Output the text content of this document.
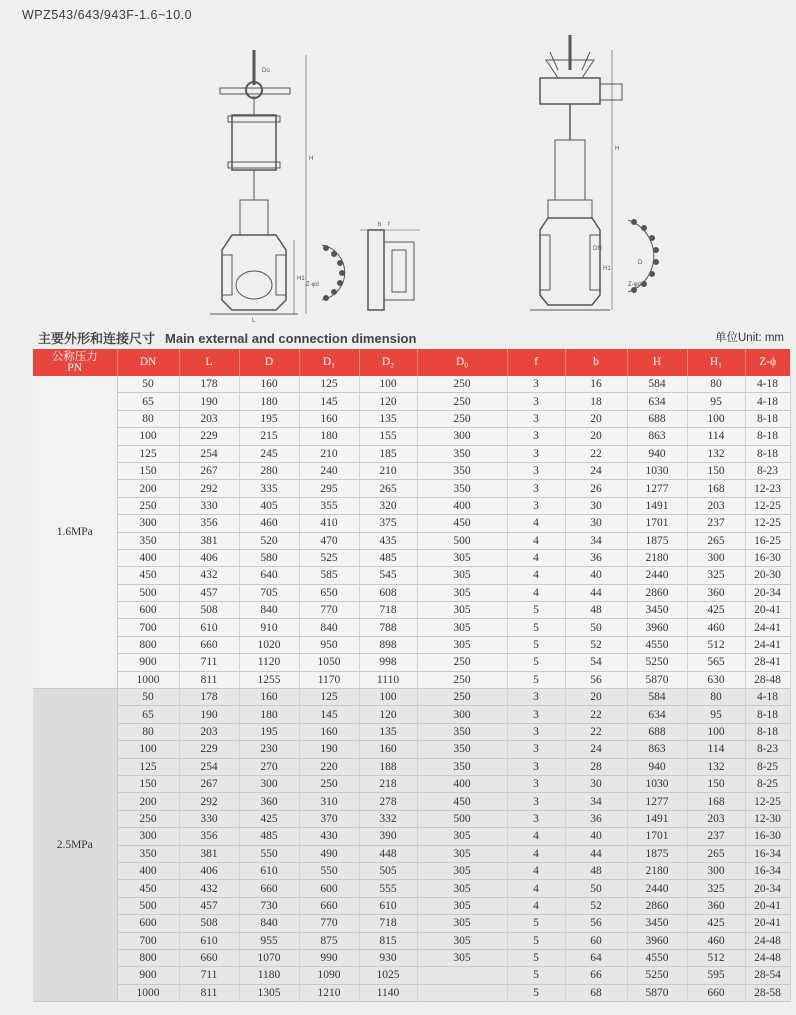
WPZ543/643/943F-1.6~10.0
Do
H
H1
L
Z-φd
b f
H
H1
DN
Z-φd
D
主要外形和连接尺寸 Main external and connection dimension	单位Unit: mm
公称压力
PN	DN	L	D	D₁	D₂	D₀	f	b	H	H₁	Z-ϕ
1.6MPa	50	178	160	125	100	250	3	16	584	80	4-18
	65	190	180	145	120	250	3	18	634	95	4-18
	80	203	195	160	135	250	3	20	688	100	8-18
	100	229	215	180	155	300	3	20	863	114	8-18
	125	254	245	210	185	350	3	22	940	132	8-18
	150	267	280	240	210	350	3	24	1030	150	8-23
	200	292	335	295	265	350	3	26	1277	168	12-23
	250	330	405	355	320	400	3	30	1491	203	12-25
	300	356	460	410	375	450	4	30	1701	237	12-25
	350	381	520	470	435	500	4	34	1875	265	16-25
	400	406	580	525	485	305	4	36	2180	300	16-30
	450	432	640	585	545	305	4	40	2440	325	20-30
	500	457	705	650	608	305	4	44	2860	360	20-34
	600	508	840	770	718	305	5	48	3450	425	20-41
	700	610	910	840	788	305	5	50	3960	460	24-41
	800	660	1020	950	898	305	5	52	4550	512	24-41
	900	711	1120	1050	998	250	5	54	5250	565	28-41
	1000	811	1255	1170	1110	250	5	56	5870	630	28-48
2.5MPa	50	178	160	125	100	250	3	20	584	80	4-18
	65	190	180	145	120	300	3	22	634	95	8-18
	80	203	195	160	135	350	3	22	688	100	8-18
	100	229	230	190	160	350	3	24	863	114	8-23
	125	254	270	220	188	350	3	28	940	132	8-25
	150	267	300	250	218	400	3	30	1030	150	8-25
	200	292	360	310	278	450	3	34	1277	168	12-25
	250	330	425	370	332	500	3	36	1491	203	12-30
	300	356	485	430	390	305	4	40	1701	237	16-30
	350	381	550	490	448	305	4	44	1875	265	16-34
	400	406	610	550	505	305	4	48	2180	300	16-34
	450	432	660	600	555	305	4	50	2440	325	20-34
	500	457	730	660	610	305	4	52	2860	360	20-41
	600	508	840	770	718	305	5	56	3450	425	20-41
	700	610	955	875	815	305	5	60	3960	460	24-48
	800	660	1070	990	930	305	5	64	4550	512	24-48
	900	711	1180	1090	1025		5	66	5250	595	28-54
	1000	811	1305	1210	1140		5	68	5870	660	28-58
